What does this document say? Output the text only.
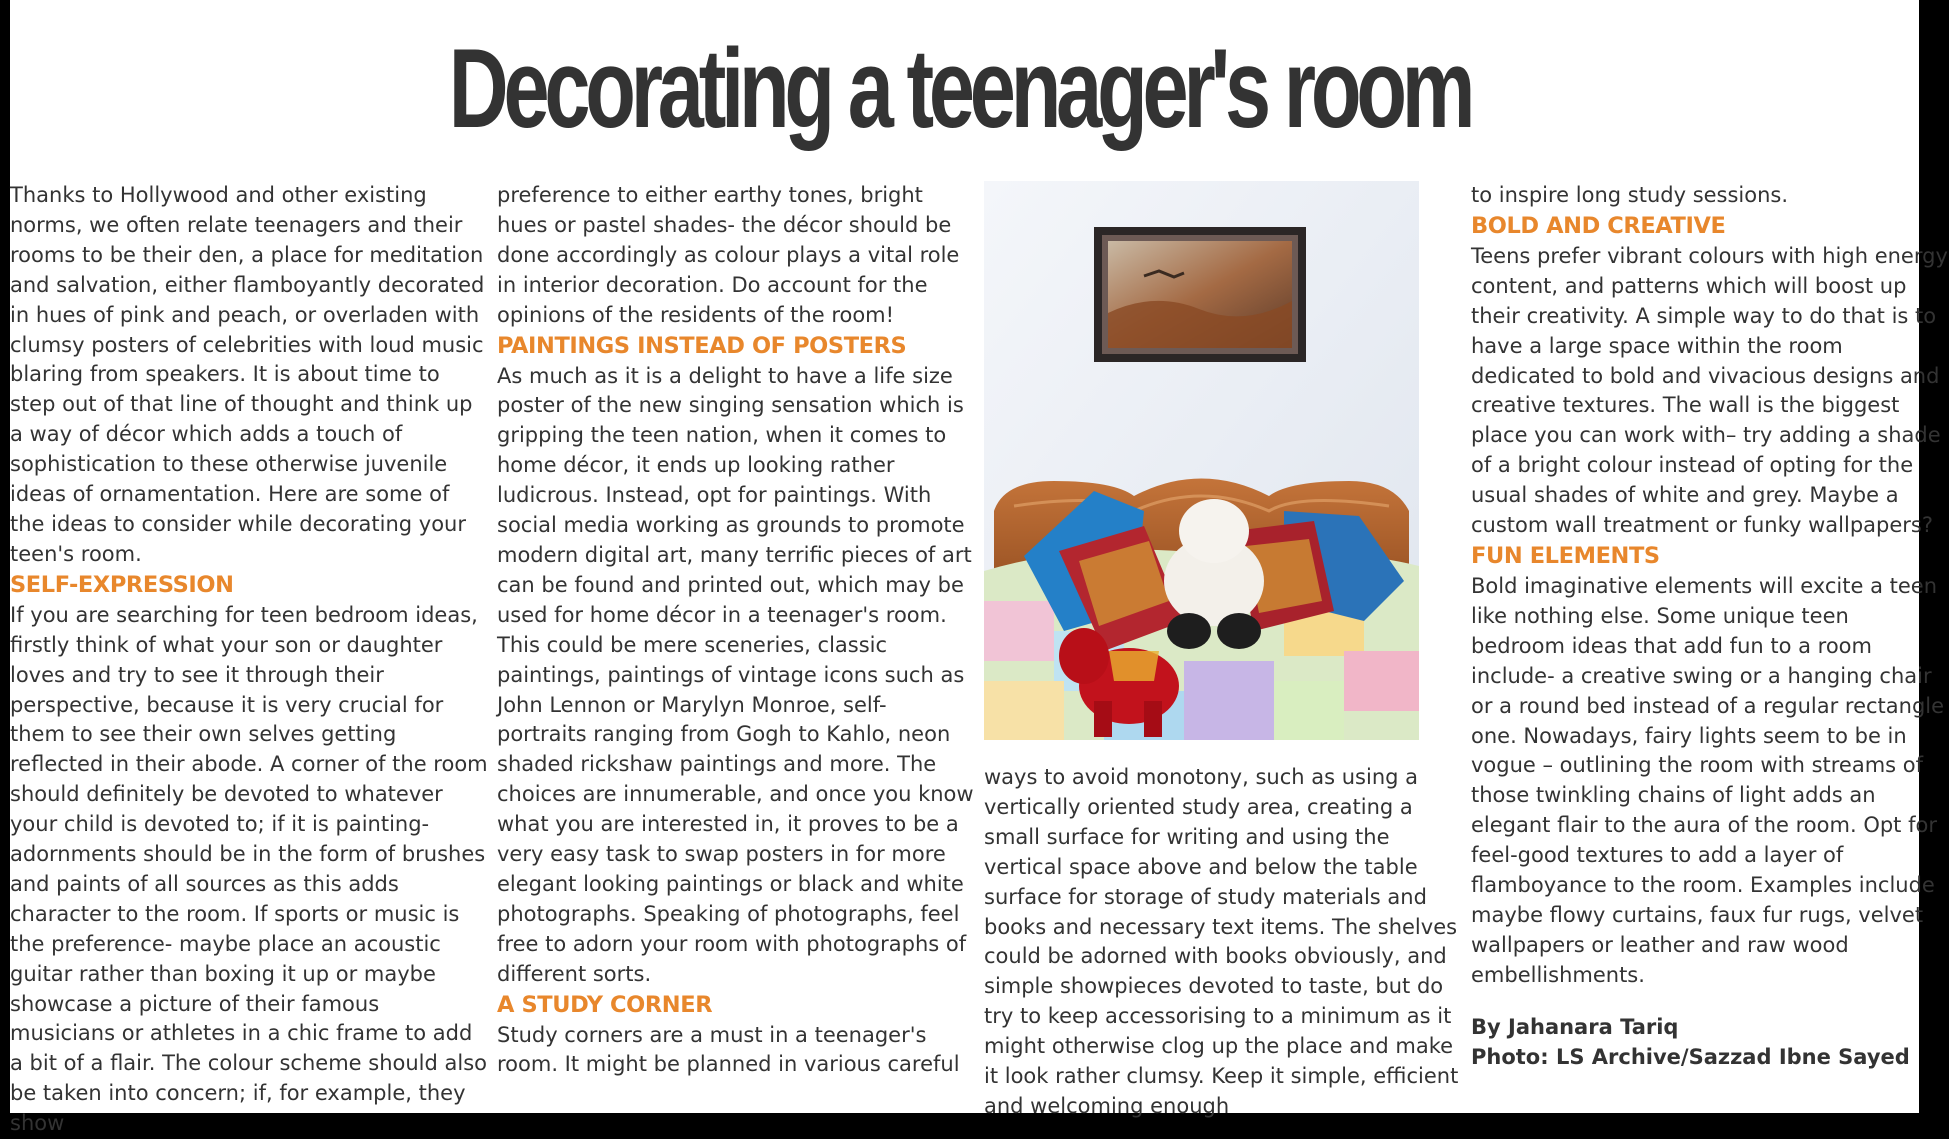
Decorating a teenager's room

Thanks to Hollywood and other existing norms, we often relate teenagers and their rooms to be their den, a place for meditation and salvation, either flamboyantly decorated in hues of pink and peach, or overladen with clumsy posters of celebrities with loud music blaring from speakers. It is about time to step out of that line of thought and think up a way of décor which adds a touch of sophistication to these otherwise juvenile ideas of ornamentation. Here are some of the ideas to consider while decorating your teen's room.

SELF-EXPRESSION

If you are searching for teen bedroom ideas, firstly think of what your son or daughter loves and try to see it through their perspective, because it is very crucial for them to see their own selves getting reflected in their abode. A corner of the room should definitely be devoted to whatever your child is devoted to; if it is painting- adornments should be in the form of brushes and paints of all sources as this adds character to the room. If sports or music is the preference- maybe place an acoustic guitar rather than boxing it up or maybe showcase a picture of their famous musicians or athletes in a chic frame to add a bit of a flair. The colour scheme should also be taken into concern; if, for example, they show

preference to either earthy tones, bright hues or pastel shades- the décor should be done accordingly as colour plays a vital role in interior decoration. Do account for the opinions of the residents of the room!

PAINTINGS INSTEAD OF POSTERS

As much as it is a delight to have a life size poster of the new singing sensation which is gripping the teen nation, when it comes to home décor, it ends up looking rather ludicrous. Instead, opt for paintings. With social media working as grounds to promote modern digital art, many terrific pieces of art can be found and printed out, which may be used for home décor in a teenager's room. This could be mere sceneries, classic paintings, paintings of vintage icons such as John Lennon or Marylyn Monroe, self-portraits ranging from Gogh to Kahlo, neon shaded rickshaw paintings and more. The choices are innumerable, and once you know what you are interested in, it proves to be a very easy task to swap posters in for more elegant looking paintings or black and white photographs. Speaking of photographs, feel free to adorn your room with photographs of different sorts.

A STUDY CORNER

Study corners are a must in a teenager's room. It might be planned in various careful

ways to avoid monotony, such as using a vertically oriented study area, creating a small surface for writing and using the vertical space above and below the table surface for storage of study materials and books and necessary text items. The shelves could be adorned with books obviously, and simple showpieces devoted to taste, but do try to keep accessorising to a minimum as it might otherwise clog up the place and make it look rather clumsy. Keep it simple, efficient and welcoming enough

to inspire long study sessions.

BOLD AND CREATIVE

Teens prefer vibrant colours with high energy content, and patterns which will boost up their creativity. A simple way to do that is to have a large space within the room dedicated to bold and vivacious designs and creative textures. The wall is the biggest place you can work with– try adding a shade of a bright colour instead of opting for the usual shades of white and grey. Maybe a custom wall treatment or funky wallpapers?

FUN ELEMENTS

Bold imaginative elements will excite a teen like nothing else. Some unique teen bedroom ideas that add fun to a room include- a creative swing or a hanging chair or a round bed instead of a regular rectangle one. Nowadays, fairy lights seem to be in vogue – outlining the room with streams of those twinkling chains of light adds an elegant flair to the aura of the room. Opt for feel-good textures to add a layer of flamboyance to the room. Examples include maybe flowy curtains, faux fur rugs, velvet wallpapers or leather and raw wood embellishments.

By Jahanara Tariq
Photo: LS Archive/Sazzad Ibne Sayed
